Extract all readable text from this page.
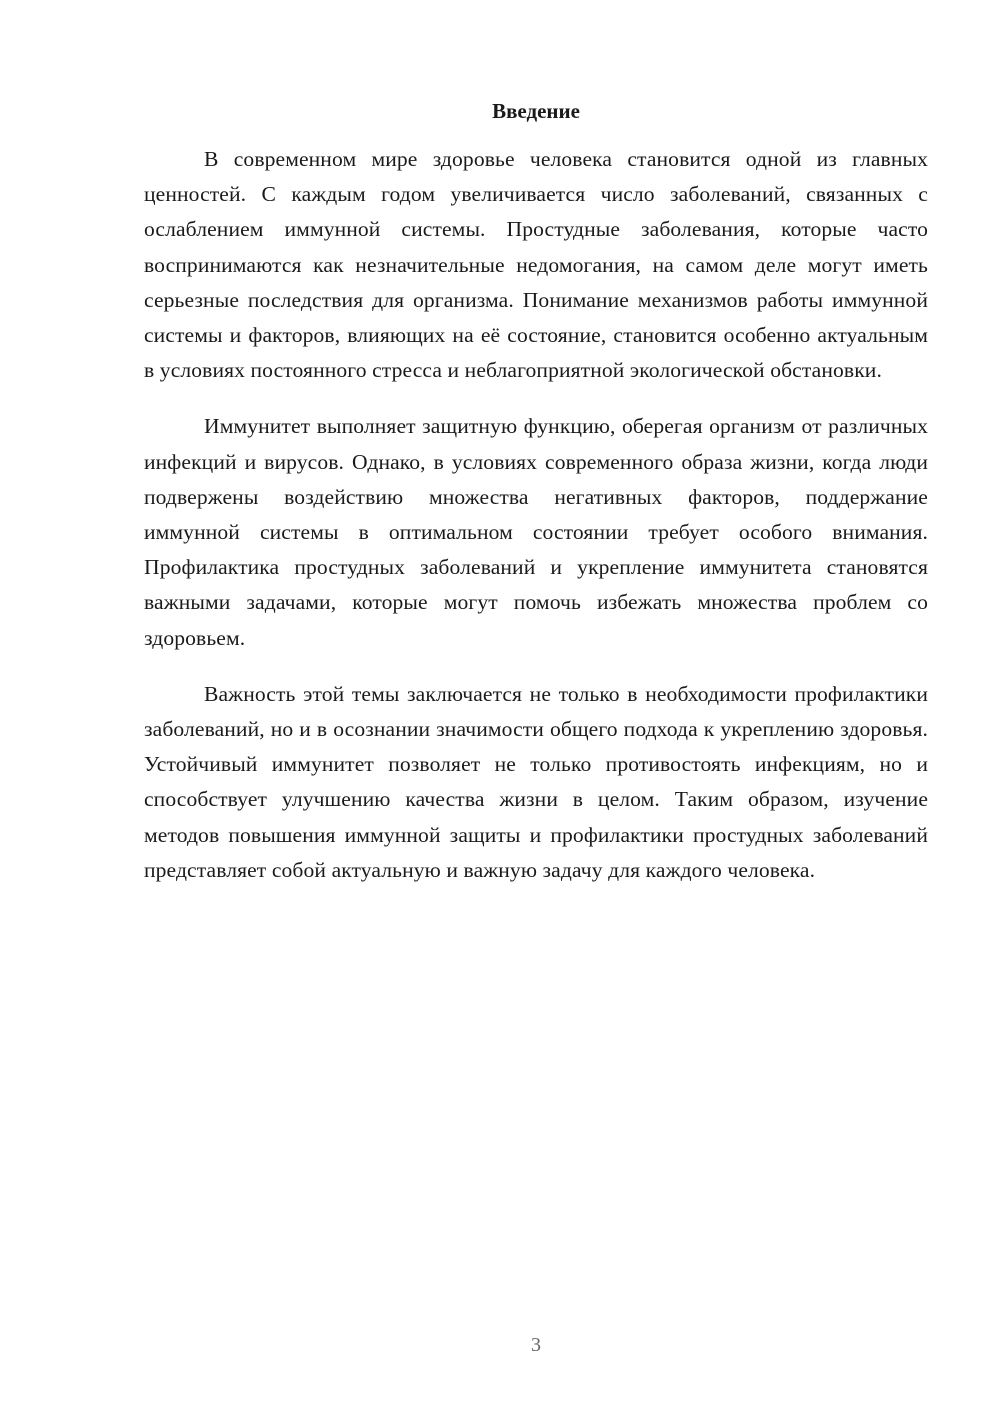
Введение

В современном мире здоровье человека становится одной из главных ценностей. С каждым годом увеличивается число заболеваний, связанных с ослаблением иммунной системы. Простудные заболевания, которые часто воспринимаются как незначительные недомогания, на самом деле могут иметь серьезные последствия для организма. Понимание механизмов работы иммунной системы и факторов, влияющих на её состояние, становится особенно актуальным в условиях постоянного стресса и неблагоприятной экологической обстановки.

Иммунитет выполняет защитную функцию, оберегая организм от различных инфекций и вирусов. Однако, в условиях современного образа жизни, когда люди подвержены воздействию множества негативных факторов, поддержание иммунной системы в оптимальном состоянии требует особого внимания. Профилактика простудных заболеваний и укрепление иммунитета становятся важными задачами, которые могут помочь избежать множества проблем со здоровьем.

Важность этой темы заключается не только в необходимости профилактики заболеваний, но и в осознании значимости общего подхода к укреплению здоровья. Устойчивый иммунитет позволяет не только противостоять инфекциям, но и способствует улучшению качества жизни в целом. Таким образом, изучение методов повышения иммунной защиты и профилактики простудных заболеваний представляет собой актуальную и важную задачу для каждого человека.

3
